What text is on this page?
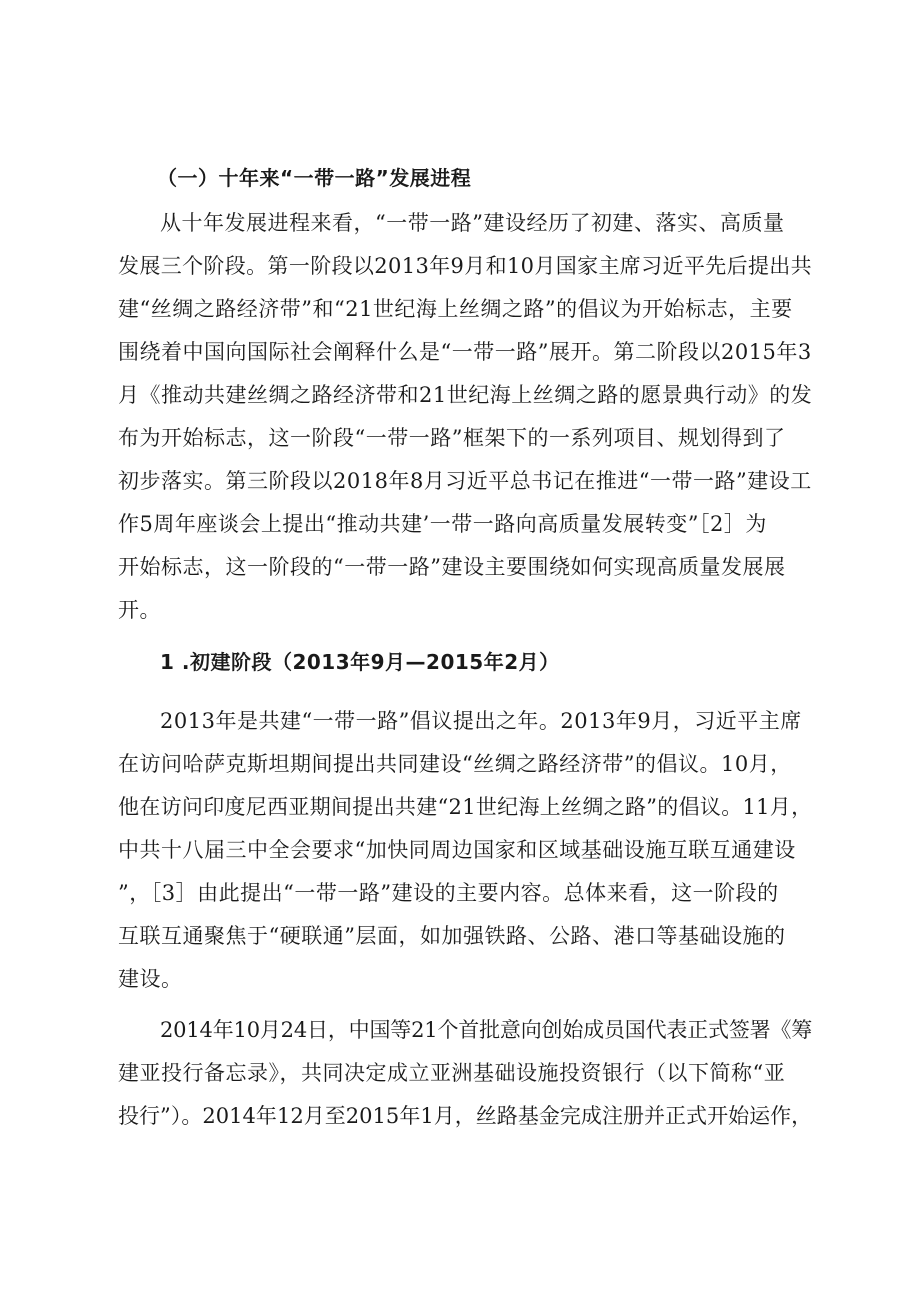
（一）十年来“一带一路”发展进程
从十年发展进程来看，“一带一路”建设经历了初建、落实、高质量
发展三个阶段。第一阶段以2013年9月和10月国家主席习近平先后提出共
建“丝绸之路经济带”和“21世纪海上丝绸之路”的倡议为开始标志，主要
围绕着中国向国际社会阐释什么是“一带一路”展开。第二阶段以2015年3
月《推动共建丝绸之路经济带和21世纪海上丝绸之路的愿景典行动》的发
布为开始标志，这一阶段“一带一路”框架下的一系列项目、规划得到了
初步落实。第三阶段以2018年8月习近平总书记在推进“一带一路”建设工
作5周年座谈会上提出“推动共建’一带一路向高质量发展转变”［2］为
开始标志，这一阶段的“一带一路”建设主要围绕如何实现高质量发展展
开。
1 .初建阶段（2013年9月—2015年2月）
2013年是共建“一带一路”倡议提出之年。2013年9月，习近平主席
在访问哈萨克斯坦期间提出共同建设“丝绸之路经济带”的倡议。10月，
他在访问印度尼西亚期间提出共建“21世纪海上丝绸之路”的倡议。11月，
中共十八届三中全会要求“加快同周边国家和区域基础设施互联互通建设
”，［3］由此提出“一带一路”建设的主要内容。总体来看，这一阶段的
互联互通聚焦于“硬联通”层面，如加强铁路、公路、港口等基础设施的
建设。
2014年10月24日，中国等21个首批意向创始成员国代表正式签署《筹
建亚投行备忘录》，共同决定成立亚洲基础设施投资银行（以下简称“亚
投行”）。2014年12月至2015年1月，丝路基金完成注册并正式开始运作，
